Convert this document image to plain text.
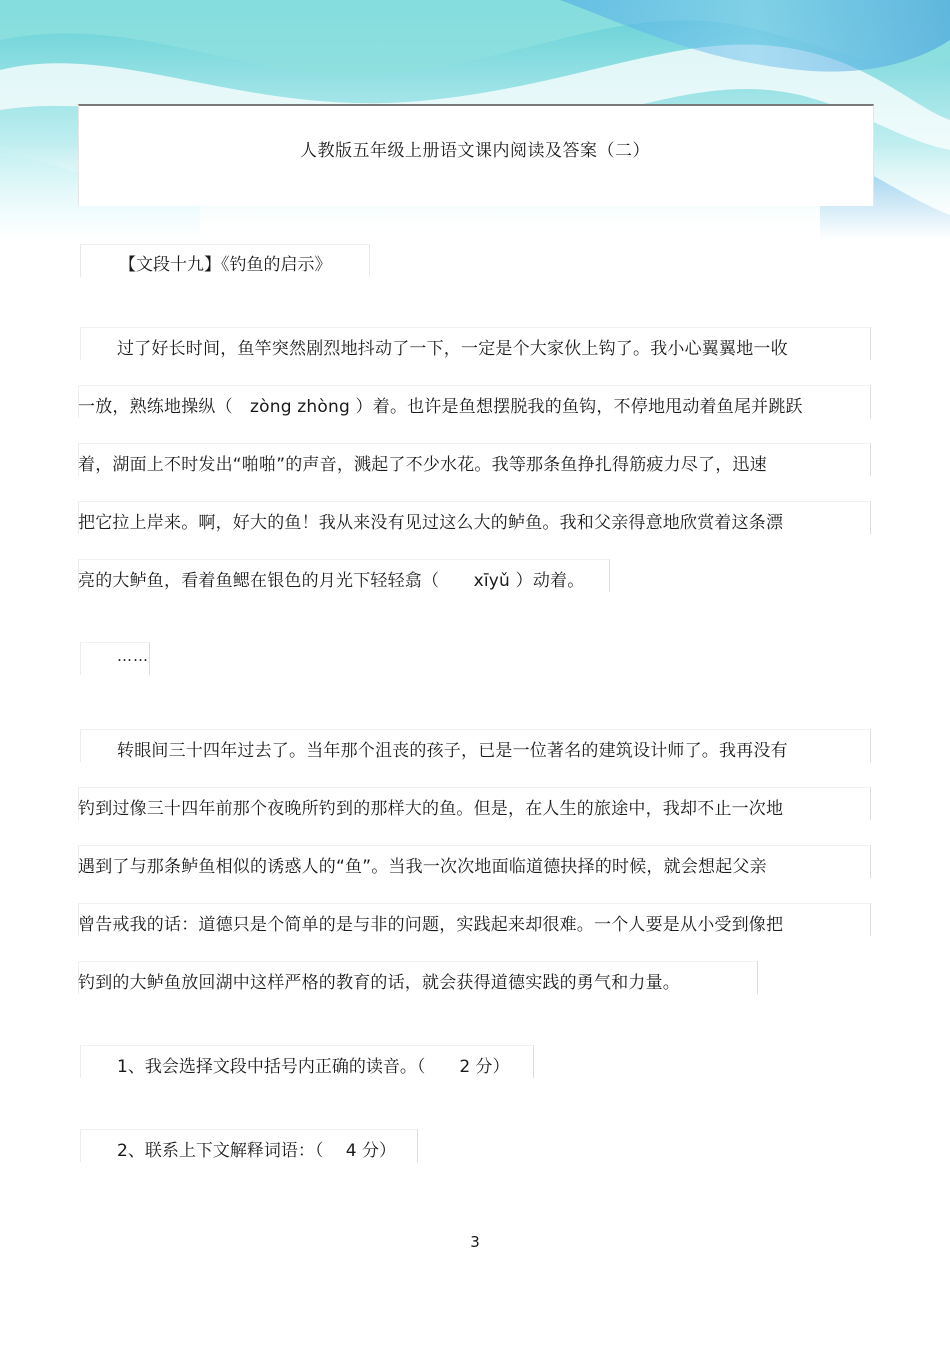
人教版五年级上册语文课内阅读及答案（二）
【文段十九】《钓鱼的启示》
过了好长时间，鱼竿突然剧烈地抖动了一下，一定是个大家伙上钩了。我小心翼翼地一收
一放，熟练地操纵（　zòng zhòng ）着。也许是鱼想摆脱我的鱼钩，不停地甩动着鱼尾并跳跃
着，湖面上不时发出“啪啪”的声音，溅起了不少水花。我等那条鱼挣扎得筋疲力尽了，迅速
把它拉上岸来。啊，好大的鱼！我从来没有见过这么大的鲈鱼。我和父亲得意地欣赏着这条漂
亮的大鲈鱼，看着鱼鳃在银色的月光下轻轻翕（　　xīyǔ ）动着。
……
转眼间三十四年过去了。当年那个沮丧的孩子，已是一位著名的建筑设计师了。我再没有
钓到过像三十四年前那个夜晚所钓到的那样大的鱼。但是，在人生的旅途中，我却不止一次地
遇到了与那条鲈鱼相似的诱惑人的“鱼”。当我一次次地面临道德抉择的时候，就会想起父亲
曾告戒我的话：道德只是个简单的是与非的问题，实践起来却很难。一个人要是从小受到像把
钓到的大鲈鱼放回湖中这样严格的教育的话，就会获得道德实践的勇气和力量。
1、我会选择文段中括号内正确的读音。（　　2 分）
2、联系上下文解释词语：（　 4 分）
3
